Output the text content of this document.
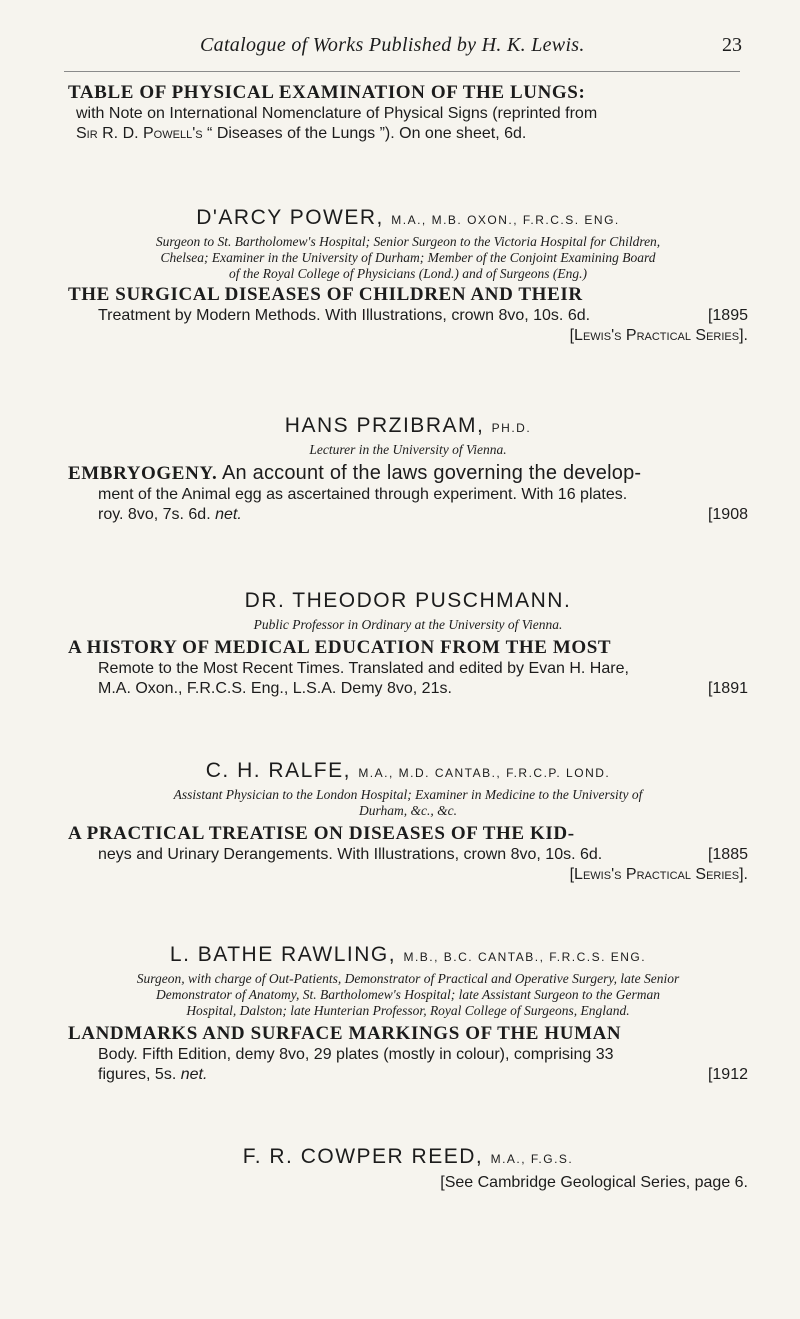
Catalogue of Works Published by H. K. Lewis.	23

TABLE OF PHYSICAL EXAMINATION OF THE LUNGS:

with Note on International Nomenclature of Physical Signs (reprinted from
Sir R. D. Powell's “ Diseases of the Lungs ”). On one sheet, 6d.
D'ARCY POWER, M.A., M.B. OXON., F.R.C.S. ENG.
Surgeon to St. Bartholomew's Hospital; Senior Surgeon to the Victoria Hospital for Children,
Chelsea; Examiner in the University of Durham; Member of the Conjoint Examining Board
of the Royal College of Physicians (Lond.) and of Surgeons (Eng.)

THE SURGICAL DISEASES OF CHILDREN AND THEIR

Treatment by Modern Methods. With Illustrations, crown 8vo, 10s. 6d.	[1895
[Lewis's Practical Series].
HANS PRZIBRAM, PH.D.
Lecturer in the University of Vienna.

EMBRYOGENY. An account of the laws governing the develop-

ment of the Animal egg as ascertained through experiment. With 16 plates.
roy. 8vo, 7s. 6d. net.	[1908
DR. THEODOR PUSCHMANN.
Public Professor in Ordinary at the University of Vienna.

A HISTORY OF MEDICAL EDUCATION FROM THE MOST

Remote to the Most Recent Times. Translated and edited by Evan H. Hare,
M.A. Oxon., F.R.C.S. Eng., L.S.A. Demy 8vo, 21s.	[1891
C. H. RALFE, M.A., M.D. CANTAB., F.R.C.P. LOND.
Assistant Physician to the London Hospital; Examiner in Medicine to the University of
Durham, &c., &c.

A PRACTICAL TREATISE ON DISEASES OF THE KID-

neys and Urinary Derangements. With Illustrations, crown 8vo, 10s. 6d.	[1885
[Lewis's Practical Series].
L. BATHE RAWLING, M.B., B.C. CANTAB., F.R.C.S. ENG.
Surgeon, with charge of Out-Patients, Demonstrator of Practical and Operative Surgery, late Senior
Demonstrator of Anatomy, St. Bartholomew's Hospital; late Assistant Surgeon to the German
Hospital, Dalston; late Hunterian Professor, Royal College of Surgeons, England.

LANDMARKS AND SURFACE MARKINGS OF THE HUMAN

Body. Fifth Edition, demy 8vo, 29 plates (mostly in colour), comprising 33
figures, 5s. net.	[1912
F. R. COWPER REED, M.A., F.G.S.
[See Cambridge Geological Series, page 6.
